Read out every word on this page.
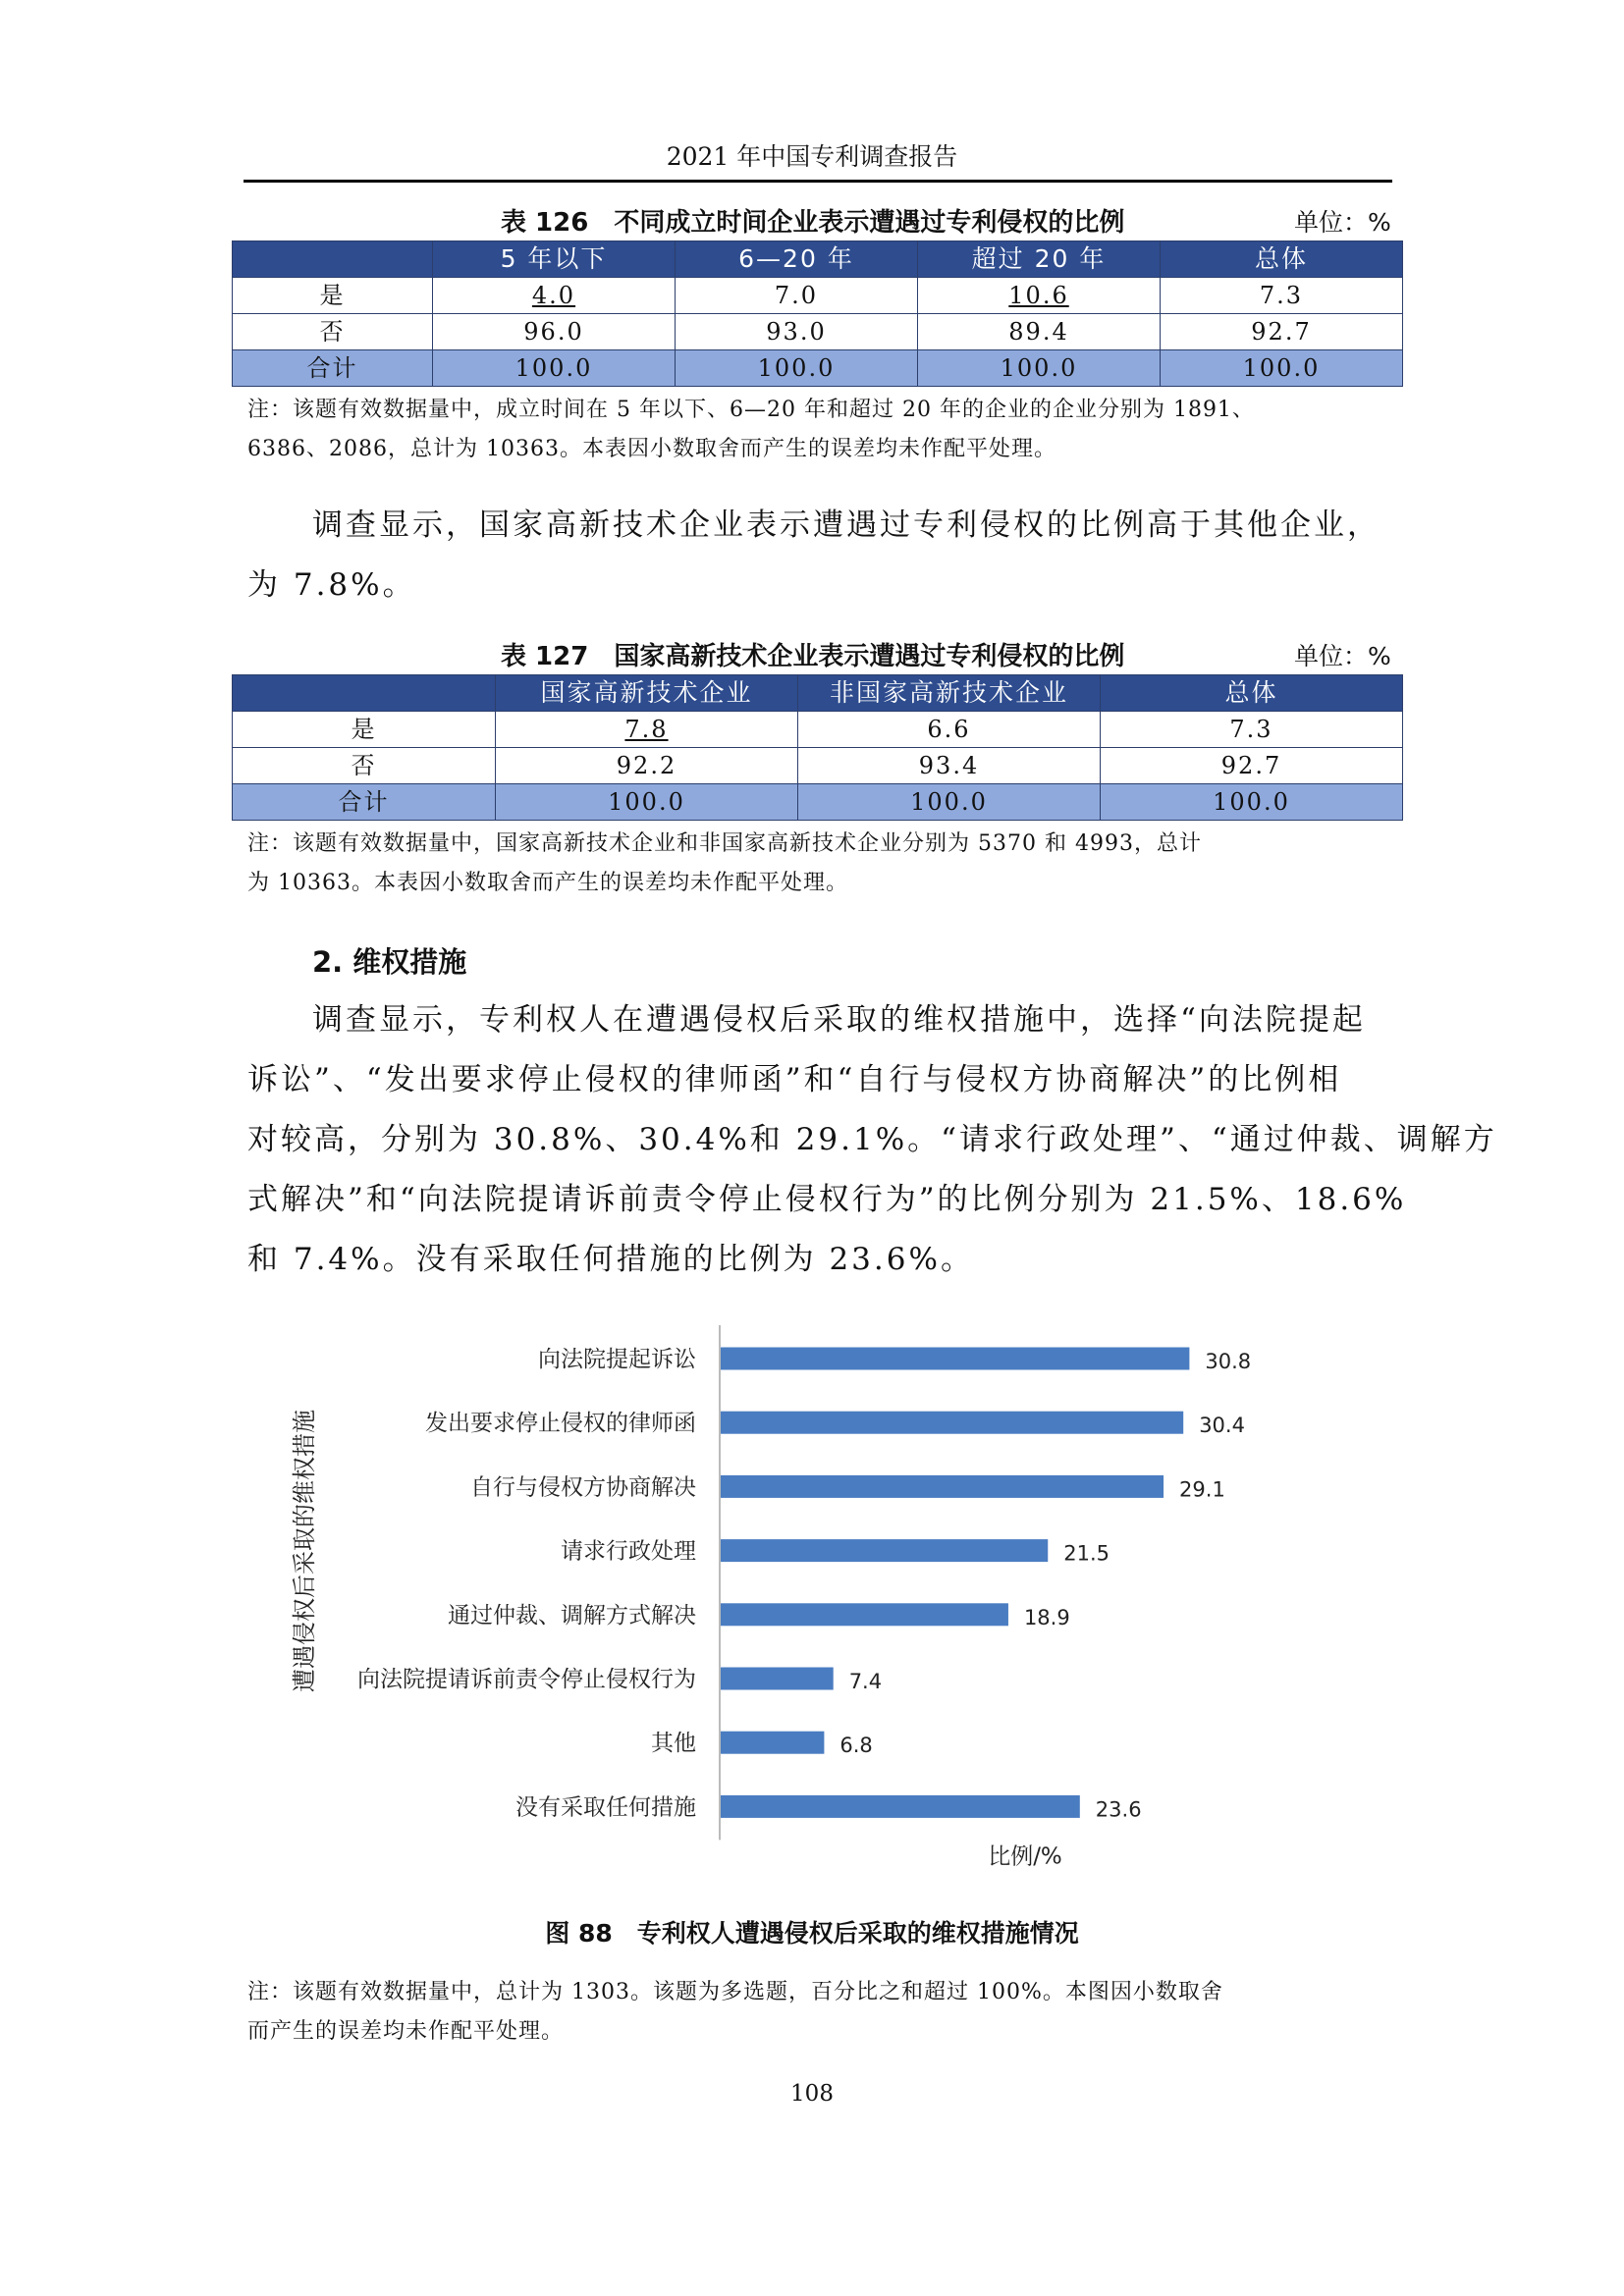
2021 年中国专利调查报告
表 126　不同成立时间企业表示遭遇过专利侵权的比例	单位：%
	5 年以下	6—20 年	超过 20 年	总体
是	4.0	7.0	10.6	7.3
否	96.0	93.0	89.4	92.7
合计	100.0	100.0	100.0	100.0
注：该题有效数据量中，成立时间在 5 年以下、6—20 年和超过 20 年的企业的企业分别为 1891、
6386、2086，总计为 10363。本表因小数取舍而产生的误差均未作配平处理。
调查显示，国家高新技术企业表示遭遇过专利侵权的比例高于其他企业，
为 7.8%。
表 127　国家高新技术企业表示遭遇过专利侵权的比例	单位：%
	国家高新技术企业	非国家高新技术企业	总体
是	7.8	6.6	7.3
否	92.2	93.4	92.7
合计	100.0	100.0	100.0
注：该题有效数据量中，国家高新技术企业和非国家高新技术企业分别为 5370 和 4993，总计
为 10363。本表因小数取舍而产生的误差均未作配平处理。
2. 维权措施
调查显示，专利权人在遭遇侵权后采取的维权措施中，选择“向法院提起
诉讼”、“发出要求停止侵权的律师函”和“自行与侵权方协商解决”的比例相
对较高，分别为 30.8%、30.4%和 29.1%。“请求行政处理”、“通过仲裁、调解方
式解决”和“向法院提请诉前责令停止侵权行为”的比例分别为 21.5%、18.6%
和 7.4%。没有采取任何措施的比例为 23.6%。
遭遇侵权后采取的维权措施
向法院提起诉讼	30.8
发出要求停止侵权的律师函	30.4
自行与侵权方协商解决	29.1
请求行政处理	21.5
通过仲裁、调解方式解决	18.9
向法院提请诉前责令停止侵权行为	7.4
其他	6.8
没有采取任何措施	23.6
比例/%
图 88　专利权人遭遇侵权后采取的维权措施情况
注：该题有效数据量中，总计为 1303。该题为多选题，百分比之和超过 100%。本图因小数取舍
而产生的误差均未作配平处理。
108
